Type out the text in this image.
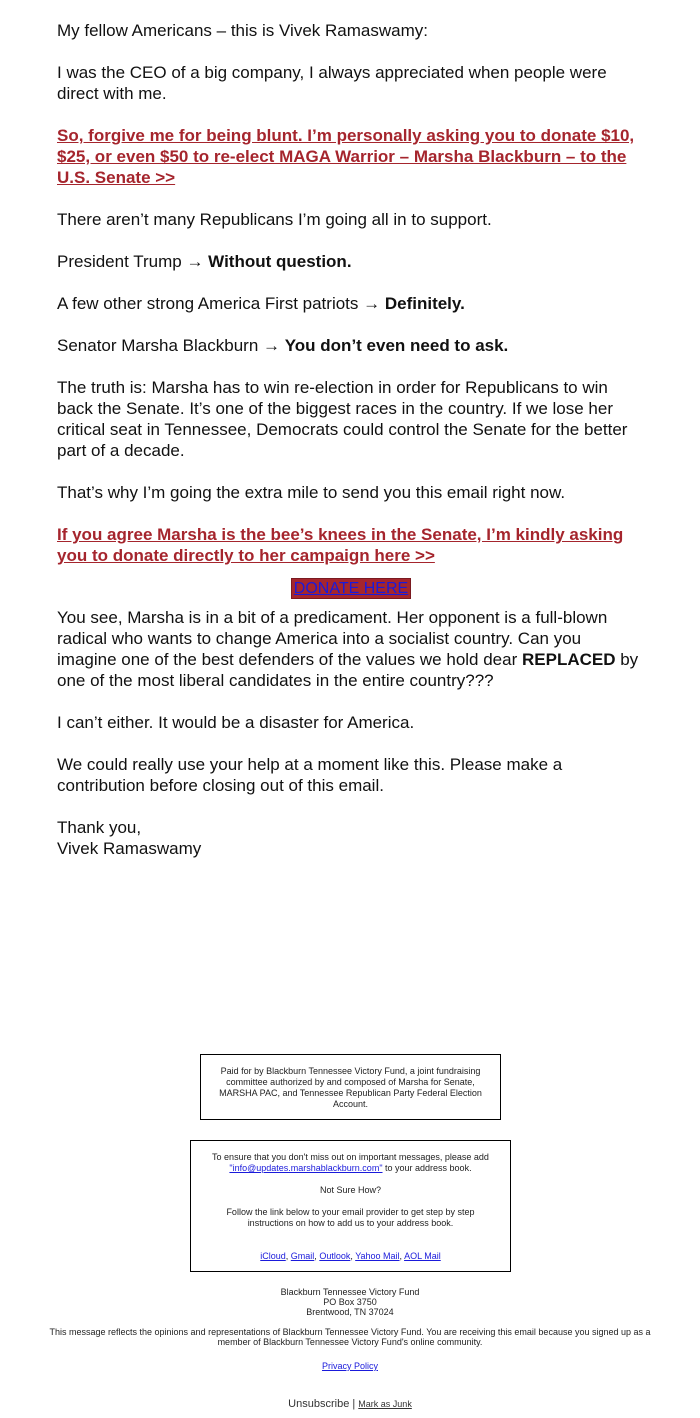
My fellow Americans – this is Vivek Ramaswamy:

I was the CEO of a big company, I always appreciated when people were direct with me.

So, forgive me for being blunt. I’m personally asking you to donate $10, $25, or even $50 to re-elect MAGA Warrior – Marsha Blackburn – to the U.S. Senate >>

There aren’t many Republicans I’m going all in to support.

President Trump → Without question.

A few other strong America First patriots → Definitely.

Senator Marsha Blackburn → You don’t even need to ask.

The truth is: Marsha has to win re-election in order for Republicans to win back the Senate. It’s one of the biggest races in the country. If we lose her critical seat in Tennessee, Democrats could control the Senate for the better part of a decade.

That’s why I’m going the extra mile to send you this email right now.

If you agree Marsha is the bee’s knees in the Senate, I’m kindly asking you to donate directly to her campaign here >>

DONATE HERE

You see, Marsha is in a bit of a predicament. Her opponent is a full-blown radical who wants to change America into a socialist country. Can you imagine one of the best defenders of the values we hold dear REPLACED by one of the most liberal candidates in the entire country???

I can’t either. It would be a disaster for America.

We could really use your help at a moment like this. Please make a contribution before closing out of this email.

Thank you,

Vivek Ramaswamy

Paid for by Blackburn Tennessee Victory Fund, a joint fundraising committee authorized by and composed of Marsha for Senate, MARSHA PAC, and Tennessee Republican Party Federal Election Account.

To ensure that you don't miss out on important messages, please add "info@updates.marshablackburn.com" to your address book.

Not Sure How?

Follow the link below to your email provider to get step by step instructions on how to add us to your address book.

iCloud, Gmail, Outlook, Yahoo Mail, AOL Mail

Blackburn Tennessee Victory Fund
PO Box 3750
Brentwood, TN 37024
This message reflects the opinions and representations of Blackburn Tennessee Victory Fund. You are receiving this email because you signed up as a member of Blackburn Tennessee Victory Fund's online community.
Privacy Policy
Unsubscribe | Mark as Junk
